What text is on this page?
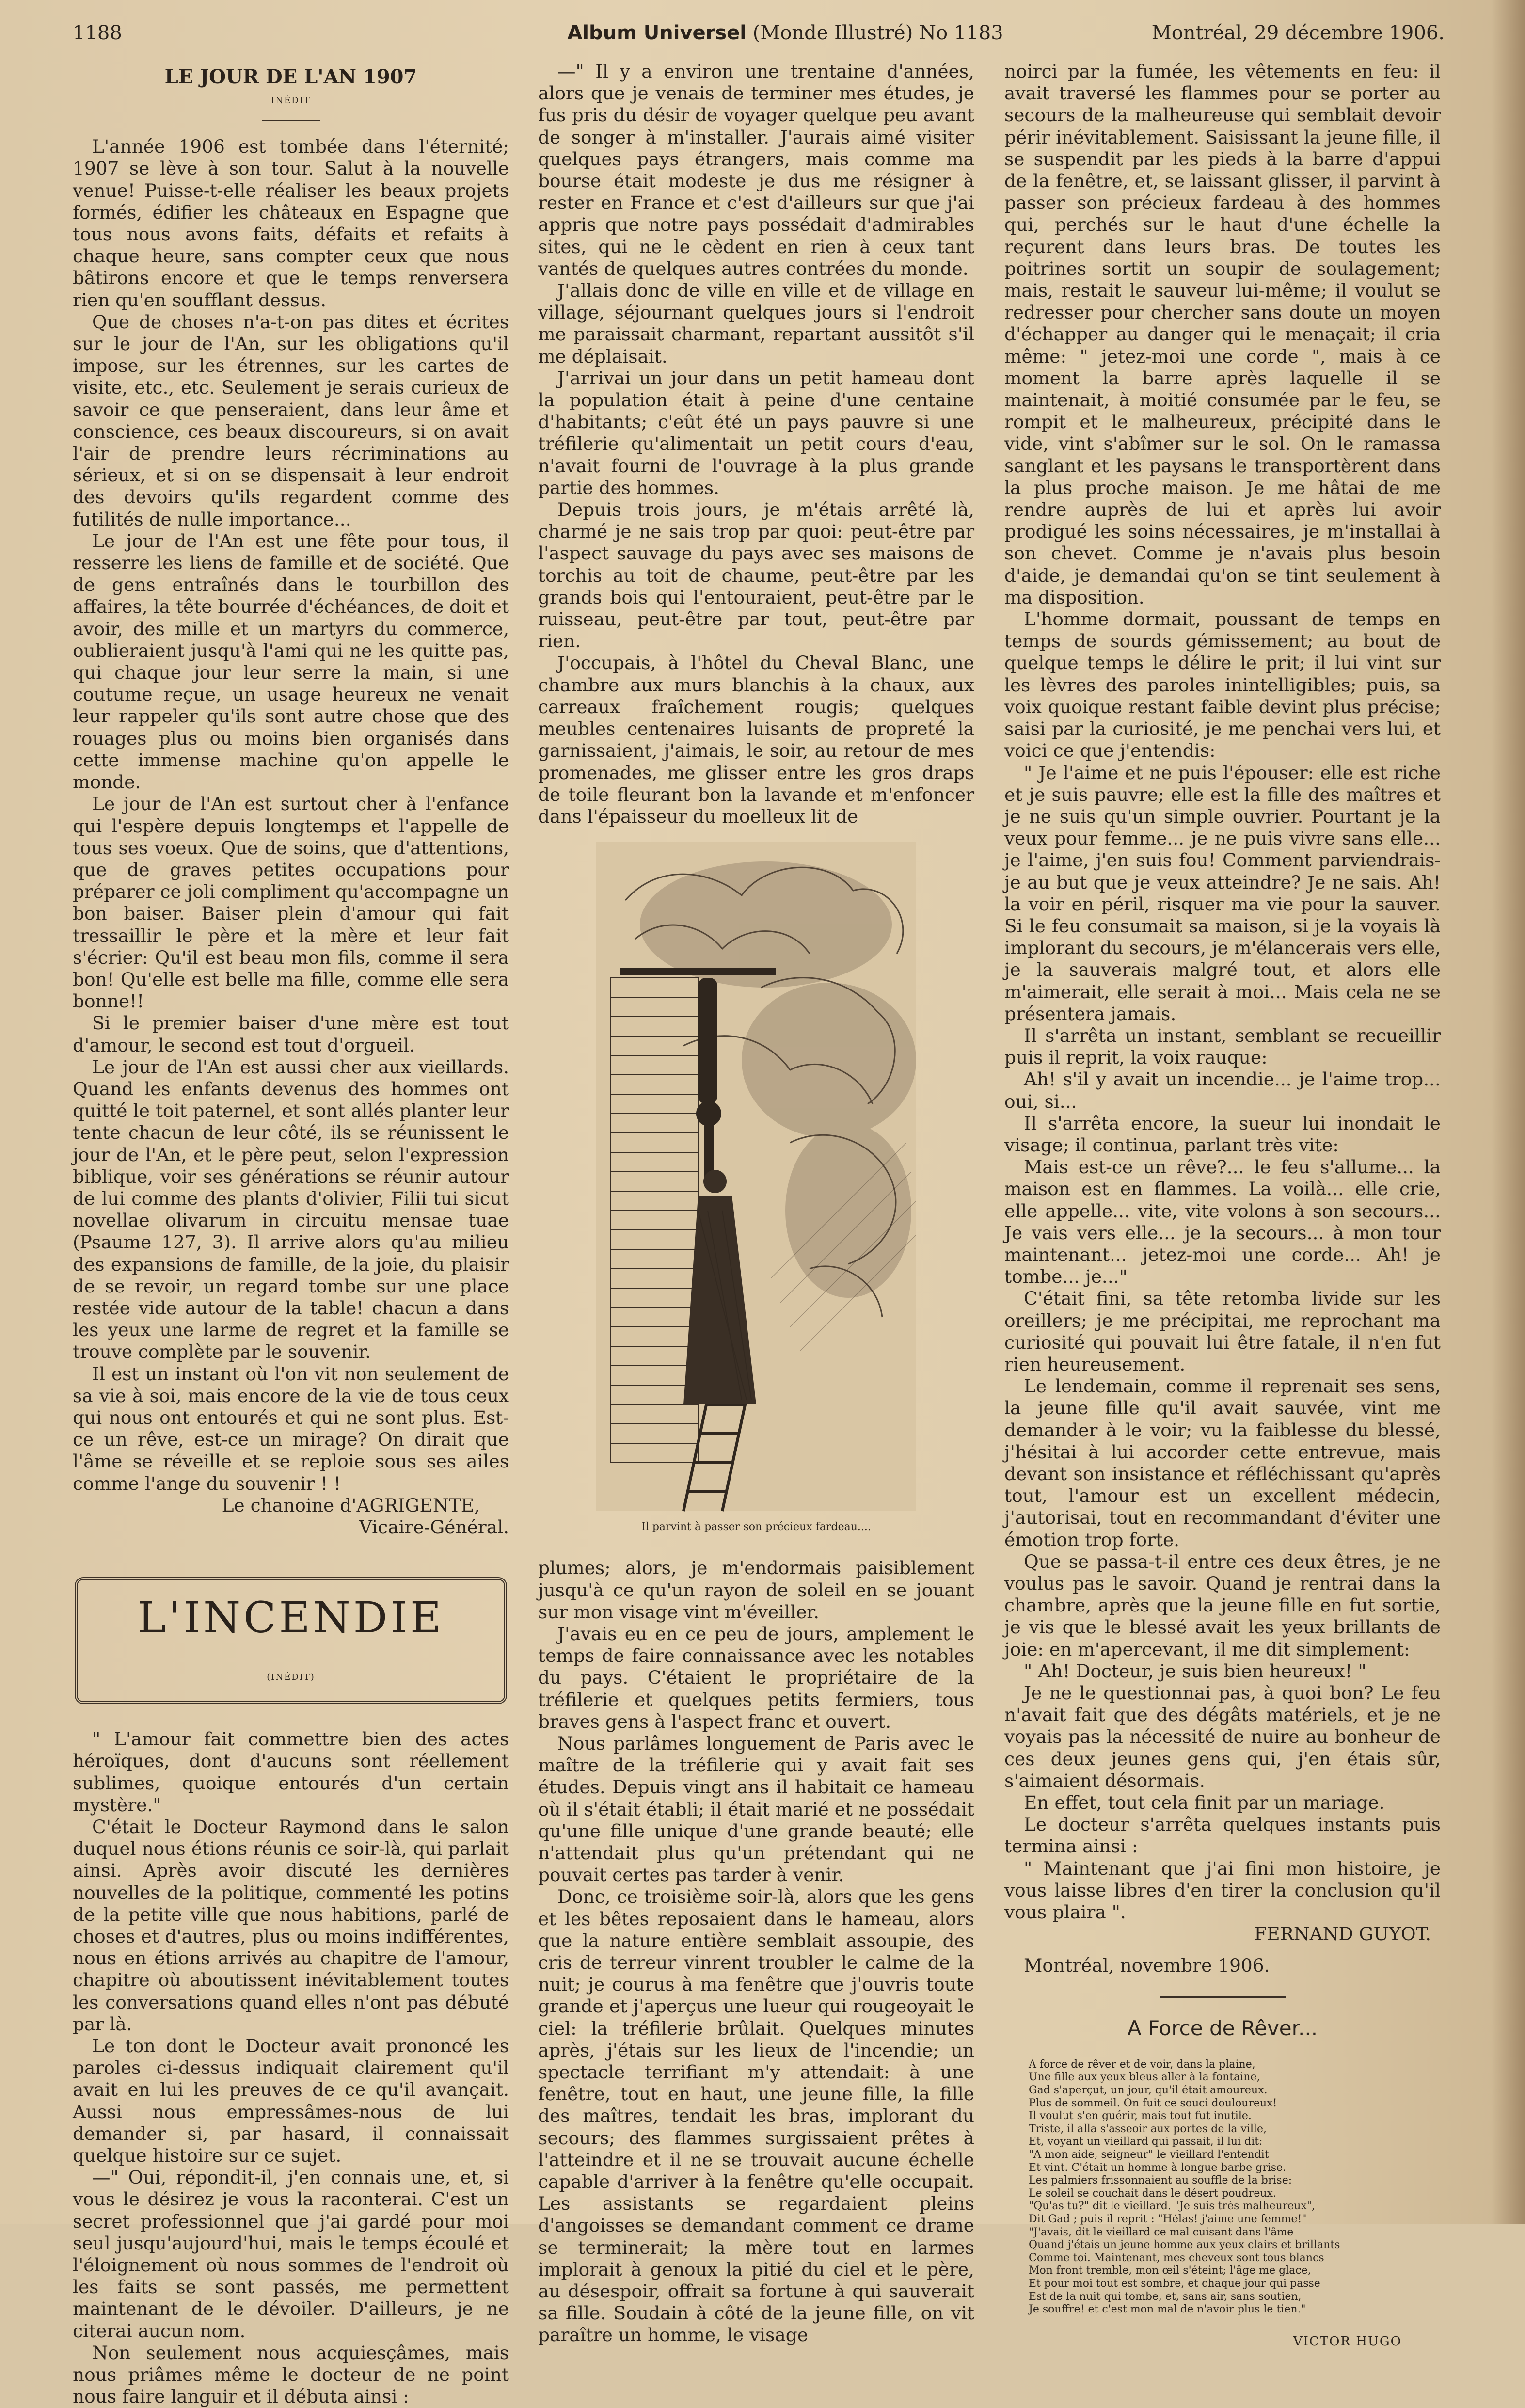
1188	Album Universel (Monde Illustré) No 1183	Montréal, 29 décembre 1906.
LE JOUR DE L'AN 1907
INÉDIT

L'année 1906 est tombée dans l'éternité; 1907 se lève à son tour. Salut à la nouvelle venue! Puisse-t-elle réaliser les beaux projets formés, édifier les châteaux en Espagne que tous nous avons faits, défaits et refaits à chaque heure, sans compter ceux que nous bâtirons encore et que le temps renversera rien qu'en soufflant dessus.

Que de choses n'a-t-on pas dites et écrites sur le jour de l'An, sur les obligations qu'il impose, sur les étrennes, sur les cartes de visite, etc., etc. Seulement je serais curieux de savoir ce que penseraient, dans leur âme et conscience, ces beaux discoureurs, si on avait l'air de prendre leurs récriminations au sérieux, et si on se dispensait à leur endroit des devoirs qu'ils regardent comme des futilités de nulle importance...

Le jour de l'An est une fête pour tous, il resserre les liens de famille et de société. Que de gens entraînés dans le tourbillon des affaires, la tête bourrée d'échéances, de doit et avoir, des mille et un martyrs du commerce, oublieraient jusqu'à l'ami qui ne les quitte pas, qui chaque jour leur serre la main, si une coutume reçue, un usage heureux ne venait leur rappeler qu'ils sont autre chose que des rouages plus ou moins bien organisés dans cette immense machine qu'on appelle le monde.

Le jour de l'An est surtout cher à l'enfance qui l'espère depuis longtemps et l'appelle de tous ses voeux. Que de soins, que d'attentions, que de graves petites occupations pour préparer ce joli compliment qu'accompagne un bon baiser. Baiser plein d'amour qui fait tressaillir le père et la mère et leur fait s'écrier: Qu'il est beau mon fils, comme il sera bon! Qu'elle est belle ma fille, comme elle sera bonne!!

Si le premier baiser d'une mère est tout d'amour, le second est tout d'orgueil.

Le jour de l'An est aussi cher aux vieillards. Quand les enfants devenus des hommes ont quitté le toit paternel, et sont allés planter leur tente chacun de leur côté, ils se réunissent le jour de l'An, et le père peut, selon l'expression biblique, voir ses générations se réunir autour de lui comme des plants d'olivier, Filii tui sicut novellae olivarum in circuitu mensae tuae (Psaume 127, 3). Il arrive alors qu'au milieu des expansions de famille, de la joie, du plaisir de se revoir, un regard tombe sur une place restée vide autour de la table! chacun a dans les yeux une larme de regret et la famille se trouve complète par le souvenir.

Il est un instant où l'on vit non seulement de sa vie à soi, mais encore de la vie de tous ceux qui nous ont entourés et qui ne sont plus. Est-ce un rêve, est-ce un mirage? On dirait que l'âme se réveille et se reploie sous ses ailes comme l'ange du souvenir ! !

Le chanoine d'AGRIGENTE,

Vicaire-Général.

L'INCENDIE
(INÉDIT)

" L'amour fait commettre bien des actes héroïques, dont d'aucuns sont réellement sublimes, quoique entourés d'un certain mystère."

C'était le Docteur Raymond dans le salon duquel nous étions réunis ce soir-là, qui parlait ainsi. Après avoir discuté les dernières nouvelles de la politique, commenté les potins de la petite ville que nous habitions, parlé de choses et d'autres, plus ou moins indifférentes, nous en étions arrivés au chapitre de l'amour, chapitre où aboutissent inévitablement toutes les conversations quand elles n'ont pas débuté par là.

Le ton dont le Docteur avait prononcé les paroles ci-dessus indiquait clairement qu'il avait en lui les preuves de ce qu'il avançait. Aussi nous empressâmes-nous de lui demander si, par hasard, il connaissait quelque histoire sur ce sujet.

—" Oui, répondit-il, j'en connais une, et, si vous le désirez je vous la raconterai. C'est un secret professionnel que j'ai gardé pour moi seul jusqu'aujourd'hui, mais le temps écoulé et l'éloignement où nous sommes de l'endroit où les faits se sont passés, me permettent maintenant de le dévoiler. D'ailleurs, je ne citerai aucun nom.

Non seulement nous acquiesçâmes, mais nous priâmes même le docteur de ne point nous faire languir et il débuta ainsi :

—" Il y a environ une trentaine d'années, alors que je venais de terminer mes études, je fus pris du désir de voyager quelque peu avant de songer à m'installer. J'aurais aimé visiter quelques pays étrangers, mais comme ma bourse était modeste je dus me résigner à rester en France et c'est d'ailleurs sur que j'ai appris que notre pays possédait d'admirables sites, qui ne le cèdent en rien à ceux tant vantés de quelques autres contrées du monde.

J'allais donc de ville en ville et de village en village, séjournant quelques jours si l'endroit me paraissait charmant, repartant aussitôt s'il me déplaisait.

J'arrivai un jour dans un petit hameau dont la population était à peine d'une centaine d'habitants; c'eût été un pays pauvre si une tréfilerie qu'alimentait un petit cours d'eau, n'avait fourni de l'ouvrage à la plus grande partie des hommes.

Depuis trois jours, je m'étais arrêté là, charmé je ne sais trop par quoi: peut-être par l'aspect sauvage du pays avec ses maisons de torchis au toit de chaume, peut-être par les grands bois qui l'entouraient, peut-être par le ruisseau, peut-être par tout, peut-être par rien.

J'occupais, à l'hôtel du Cheval Blanc, une chambre aux murs blanchis à la chaux, aux carreaux fraîchement rougis; quelques meubles centenaires luisants de propreté la garnissaient, j'aimais, le soir, au retour de mes promenades, me glisser entre les gros draps de toile fleurant bon la lavande et m'enfoncer dans l'épaisseur du moelleux lit de

Il parvint à passer son précieux fardeau....

plumes; alors, je m'endormais paisiblement jusqu'à ce qu'un rayon de soleil en se jouant sur mon visage vint m'éveiller.

J'avais eu en ce peu de jours, amplement le temps de faire connaissance avec les notables du pays. C'étaient le propriétaire de la tréfilerie et quelques petits fermiers, tous braves gens à l'aspect franc et ouvert.

Nous parlâmes longuement de Paris avec le maître de la tréfilerie qui y avait fait ses études. Depuis vingt ans il habitait ce hameau où il s'était établi; il était marié et ne possédait qu'une fille unique d'une grande beauté; elle n'attendait plus qu'un prétendant qui ne pouvait certes pas tarder à venir.

Donc, ce troisième soir-là, alors que les gens et les bêtes reposaient dans le hameau, alors que la nature entière semblait assoupie, des cris de terreur vinrent troubler le calme de la nuit; je courus à ma fenêtre que j'ouvris toute grande et j'aperçus une lueur qui rougeoyait le ciel: la tréfilerie brûlait. Quelques minutes après, j'étais sur les lieux de l'incendie; un spectacle terrifiant m'y attendait: à une fenêtre, tout en haut, une jeune fille, la fille des maîtres, tendait les bras, implorant du secours; des flammes surgissaient prêtes à l'atteindre et il ne se trouvait aucune échelle capable d'arriver à la fenêtre qu'elle occupait. Les assistants se regardaient pleins d'angoisses se demandant comment ce drame se terminerait; la mère tout en larmes implorait à genoux la pitié du ciel et le père, au désespoir, offrait sa fortune à qui sauverait sa fille. Soudain à côté de la jeune fille, on vit paraître un homme, le visage

noirci par la fumée, les vêtements en feu: il avait traversé les flammes pour se porter au secours de la malheureuse qui semblait devoir périr inévitablement. Saisissant la jeune fille, il se suspendit par les pieds à la barre d'appui de la fenêtre, et, se laissant glisser, il parvint à passer son précieux fardeau à des hommes qui, perchés sur le haut d'une échelle la reçurent dans leurs bras. De toutes les poitrines sortit un soupir de soulagement; mais, restait le sauveur lui-même; il voulut se redresser pour chercher sans doute un moyen d'échapper au danger qui le menaçait; il cria même: " jetez-moi une corde ", mais à ce moment la barre après laquelle il se maintenait, à moitié consumée par le feu, se rompit et le malheureux, précipité dans le vide, vint s'abîmer sur le sol. On le ramassa sanglant et les paysans le transportèrent dans la plus proche maison. Je me hâtai de me rendre auprès de lui et après lui avoir prodigué les soins nécessaires, je m'installai à son chevet. Comme je n'avais plus besoin d'aide, je demandai qu'on se tint seulement à ma disposition.

L'homme dormait, poussant de temps en temps de sourds gémissement; au bout de quelque temps le délire le prit; il lui vint sur les lèvres des paroles inintelligibles; puis, sa voix quoique restant faible devint plus précise; saisi par la curiosité, je me penchai vers lui, et voici ce que j'entendis:

" Je l'aime et ne puis l'épouser: elle est riche et je suis pauvre; elle est la fille des maîtres et je ne suis qu'un simple ouvrier. Pourtant je la veux pour femme... je ne puis vivre sans elle... je l'aime, j'en suis fou! Comment parviendrais-je au but que je veux atteindre? Je ne sais. Ah! la voir en péril, risquer ma vie pour la sauver. Si le feu consumait sa maison, si je la voyais là implorant du secours, je m'élancerais vers elle, je la sauverais malgré tout, et alors elle m'aimerait, elle serait à moi... Mais cela ne se présentera jamais.

Il s'arrêta un instant, semblant se recueillir puis il reprit, la voix rauque:

Ah! s'il y avait un incendie... je l'aime trop... oui, si...

Il s'arrêta encore, la sueur lui inondait le visage; il continua, parlant très vite:

Mais est-ce un rêve?... le feu s'allume... la maison est en flammes. La voilà... elle crie, elle appelle... vite, vite volons à son secours... Je vais vers elle... je la secours... à mon tour maintenant... jetez-moi une corde... Ah! je tombe... je..."

C'était fini, sa tête retomba livide sur les oreillers; je me précipitai, me reprochant ma curiosité qui pouvait lui être fatale, il n'en fut rien heureusement.

Le lendemain, comme il reprenait ses sens, la jeune fille qu'il avait sauvée, vint me demander à le voir; vu la faiblesse du blessé, j'hésitai à lui accorder cette entrevue, mais devant son insistance et réfléchissant qu'après tout, l'amour est un excellent médecin, j'autorisai, tout en recommandant d'éviter une émotion trop forte.

Que se passa-t-il entre ces deux êtres, je ne voulus pas le savoir. Quand je rentrai dans la chambre, après que la jeune fille en fut sortie, je vis que le blessé avait les yeux brillants de joie: en m'apercevant, il me dit simplement:

" Ah! Docteur, je suis bien heureux! "

Je ne le questionnai pas, à quoi bon? Le feu n'avait fait que des dégâts matériels, et je ne voyais pas la nécessité de nuire au bonheur de ces deux jeunes gens qui, j'en étais sûr, s'aimaient désormais.

En effet, tout cela finit par un mariage.

Le docteur s'arrêta quelques instants puis termina ainsi :

" Maintenant que j'ai fini mon histoire, je vous laisse libres d'en tirer la conclusion qu'il vous plaira ".

FERNAND GUYOT.

Montréal, novembre 1906.

A Force de Rêver...
A force de rêver et de voir, dans la plaine,
Une fille aux yeux bleus aller à la fontaine,
Gad s'aperçut, un jour, qu'il était amoureux.
Plus de sommeil. On fuit ce souci douloureux!
Il voulut s'en guérir, mais tout fut inutile.
Triste, il alla s'asseoir aux portes de la ville,
Et, voyant un vieillard qui passait, il lui dit:
"A mon aide, seigneur" le vieillard l'entendit
Et vint. C'était un homme à longue barbe grise.
Les palmiers frissonnaient au souffle de la brise:
Le soleil se couchait dans le désert poudreux.
"Qu'as tu?" dit le vieillard. "Je suis très malheureux",
Dit Gad ; puis il reprit : "Hélas! j'aime une femme!"
"J'avais, dit le vieillard ce mal cuisant dans l'âme
Quand j'étais un jeune homme aux yeux clairs et brillants
Comme toi. Maintenant, mes cheveux sont tous blancs
Mon front tremble, mon œil s'éteint; l'âge me glace,
Et pour moi tout est sombre, et chaque jour qui passe
Est de la nuit qui tombe, et, sans air, sans soutien,
Je souffre! et c'est mon mal de n'avoir plus le tien."
VICTOR HUGO
